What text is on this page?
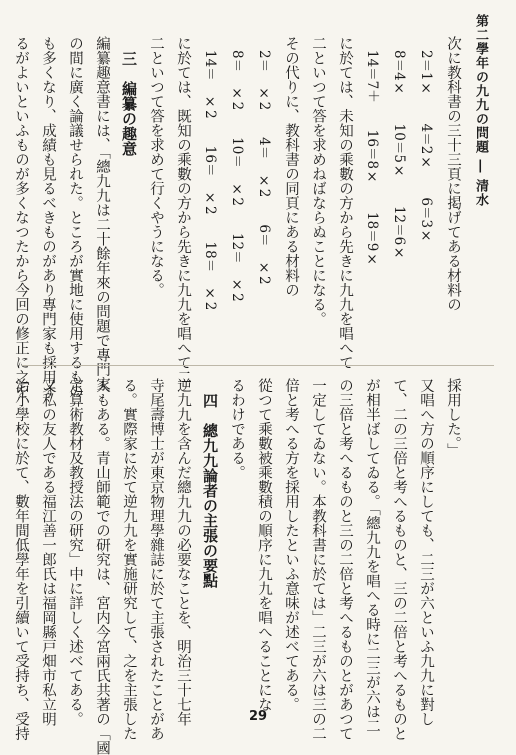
第二學年の九九の問題 ― 清水
次に教科書の三十三頁に掲げてある材料の
2＝1×　　4＝2×　　6＝3×
8＝4×　　10＝5×　　12＝6×
14＝7＋　　16＝8×　　18＝9×
に於ては、未知の乘數の方から先きに九九を唱へて
二といつて答を求めねばならぬことになる。
その代りに、教科書の同頁にある材料の
2＝　×2　　4＝　×2　　6＝　×2
8＝　×2　　10＝　×2　　12＝　×2
14＝　×2　　16＝　×2　　18＝　×2
に於ては、既知の乘數の方から先きに九九を唱へて二
二といつて答を求めて行くやうになる。
三　編纂の趣意
編纂趣意書には、「總九九は二十餘年來の問題で專門家
の間に廣く論議せられた。ところが實地に使用するもの
も多くなり、成績も見るべきものがあり專門家も採用す
るがよいといふものが多くなつたから今回の修正に之を
採用した。」
又唱へ方の順序にしても、二三が六といふ九九に對し
て、二の三倍と考へるものと、三の二倍と考へるものと
が相半ばしてゐる。「總九九を唱へる時に二三が六は二
の三倍と考へるものと三の二倍と考へるものとがあつて
一定してゐない。本教科書に於ては」二三が六は三の二
倍と考へる方を採用したといふ意味が述べてある。
從つて乘數被乘數積の順序に九九を唱へることにな
るわけである。
四　總九九論者の主張の要點
逆九九を含んだ總九九の必要なことを、明治三十七年
寺尾壽博士が東京物理學雜誌に於て主張されたことがあ
る。實際家に於て逆九九を實施研究して、之を主張した
人もある。青山師範での研究は、宮内今宮兩氏共著の「國
定算術教材及教授法の研究」中に詳しく述べてある。
又私の友人である福江善一郎氏は福岡縣戸畑市私立明
治小學校に於て、數年間低學年を引續いて受持ち、受持	29
